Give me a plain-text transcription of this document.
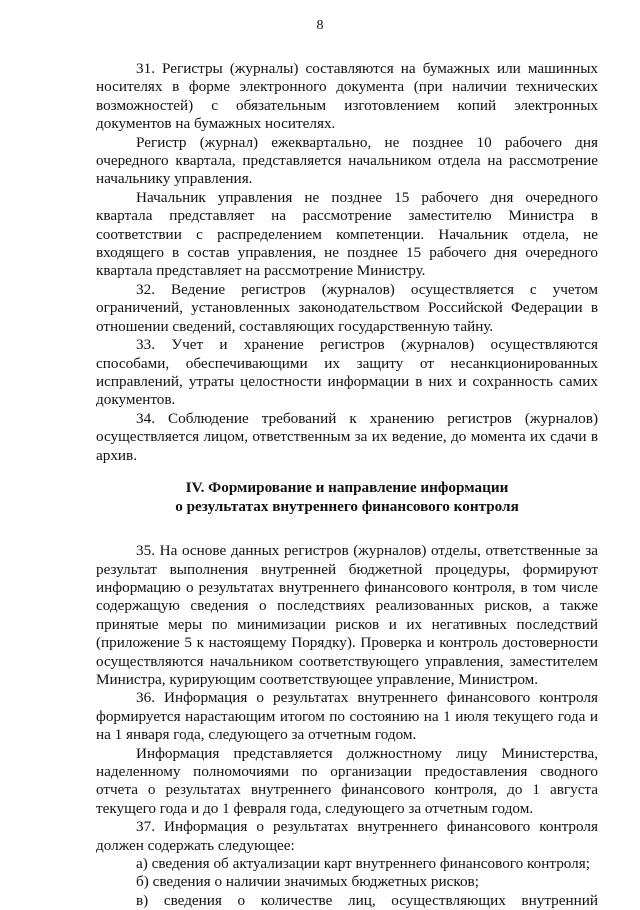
8

31. Регистры (журналы) составляются на бумажных или машинных носителях в форме электронного документа (при наличии технических возможностей) с обязательным изготовлением копий электронных документов на бумажных носителях.

Регистр (журнал) ежеквартально, не позднее 10 рабочего дня очередного квартала, представляется начальником отдела на рассмотрение начальнику управления.

Начальник управления не позднее 15 рабочего дня очередного квартала представляет на рассмотрение заместителю Министра в соответствии с распределением компетенции. Начальник отдела, не входящего в состав управления, не позднее 15 рабочего дня очередного квартала представляет на рассмотрение Министру.

32. Ведение регистров (журналов) осуществляется с учетом ограничений, установленных законодательством Российской Федерации в отношении сведений, составляющих государственную тайну.

33. Учет и хранение регистров (журналов) осуществляются способами, обеспечивающими их защиту от несанкционированных исправлений, утраты целостности информации в них и сохранность самих документов.

34. Соблюдение требований к хранению регистров (журналов) осуществляется лицом, ответственным за их ведение, до момента их сдачи в архив.

IV. Формирование и направление информации
о результатах внутреннего финансового контроля

35. На основе данных регистров (журналов) отделы, ответственные за результат выполнения внутренней бюджетной процедуры, формируют информацию о результатах внутреннего финансового контроля, в том числе содержащую сведения о последствиях реализованных рисков, а также принятые меры по минимизации рисков и их негативных последствий (приложение 5 к настоящему Порядку). Проверка и контроль достоверности осуществляются начальником соответствующего управления, заместителем Министра, курирующим соответствующее управление, Министром.

36. Информация о результатах внутреннего финансового контроля формируется нарастающим итогом по состоянию на 1 июля текущего года и на 1 января года, следующего за отчетным годом.

Информация представляется должностному лицу Министерства, наделенному полномочиями по организации предоставления сводного отчета о результатах внутреннего финансового контроля, до 1 августа текущего года и до 1 февраля года, следующего за отчетным годом.

37. Информация о результатах внутреннего финансового контроля должен содержать следующее:

а) сведения об актуализации карт внутреннего финансового контроля;

б) сведения о наличии значимых бюджетных рисков;

в) сведения о количестве лиц, осуществляющих внутренний
